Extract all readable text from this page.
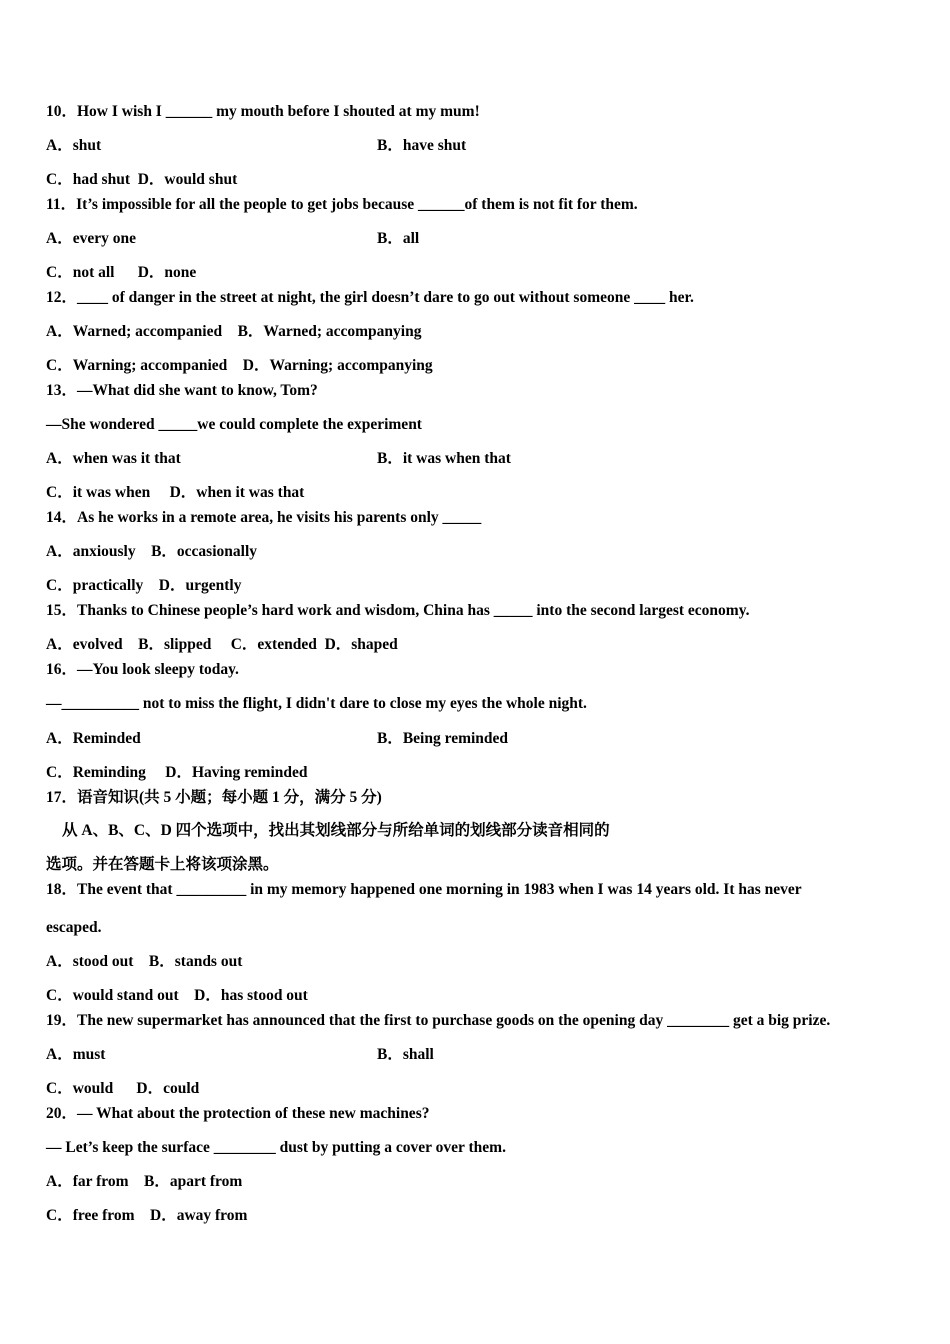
10．How I wish I ______ my mouth before I shouted at my mum!
A．shut	B．have shut
C．had shut  D．would shut
11．It’s impossible for all the people to get jobs because ______of them is not fit for them.
A．every one	B．all
C．not all      D．none
12．____ of danger in the street at night, the girl doesn’t dare to go out without someone ____ her.
A．Warned; accompanied    B．Warned; accompanying
C．Warning; accompanied    D．Warning; accompanying
13．—What did she want to know, Tom?
—She wondered _____we could complete the experiment
A．when was it that	B．it was when that
C．it was when     D．when it was that
14．As he works in a remote area, he visits his parents only _____
A．anxiously    B．occasionally
C．practically    D．urgently
15．Thanks to Chinese people’s hard work and wisdom, China has _____ into the second largest economy.
A．evolved    B．slipped     C．extended  D．shaped
16．—You look sleepy today.
—__________ not to miss the flight, I didn't dare to close my eyes the whole night.
A．Reminded	B．Being reminded
C．Reminding     D．Having reminded
17．语音知识(共 5 小题；每小题 1 分，满分 5 分)
从 A、B、C、D 四个选项中，找出其划线部分与所给单词的划线部分读音相同的
选项。并在答题卡上将该项涂黑。
18．The event that _________ in my memory happened one morning in 1983 when I was 14 years old. It has never
escaped.
A．stood out    B．stands out
C．would stand out    D．has stood out
19．The new supermarket has announced that the first to purchase goods on the opening day ________ get a big prize.
A．must	B．shall
C．would      D．could
20．— What about the protection of these new machines?
— Let’s keep the surface ________ dust by putting a cover over them.
A．far from    B．apart from
C．free from    D．away from
